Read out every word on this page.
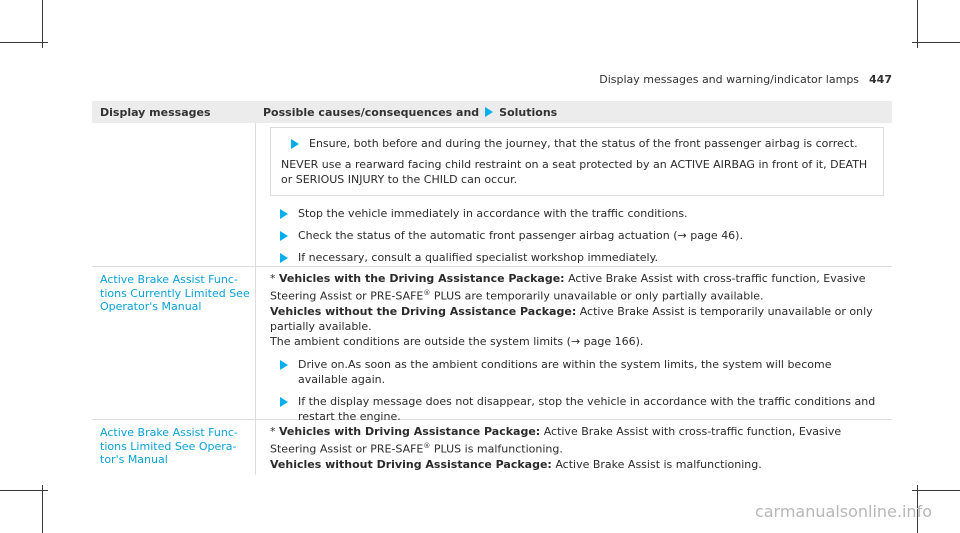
Display messages and warning/indicator lamps 447
Display messages	Possible causes/consequences and Solutions
Ensure, both before and during the journey, that the status of the front passenger airbag is correct.

NEVER use a rearward facing child restraint on a seat protected by an ACTIVE AIRBAG in front of it, DEATH or SERIOUS INJURY to the CHILD can occur.

Stop the vehicle immediately in accordance with the traffic conditions.
Check the status of the automatic front passenger airbag actuation (→ page 46).
If necessary, consult a qualified specialist workshop immediately.
Active Brake Assist Func-
tions Currently Limited See
Operator's Manual

* Vehicles with the Driving Assistance Package: Active Brake Assist with cross-traffic function, Evasive Steering Assist or PRE-SAFE® PLUS are temporarily unavailable or only partially available.

Vehicles without the Driving Assistance Package: Active Brake Assist is temporarily unavailable or only partially available.

The ambient conditions are outside the system limits (→ page 166).

Drive on.As soon as the ambient conditions are within the system limits, the system will become available again.
If the display message does not disappear, stop the vehicle in accordance with the traffic conditions and restart the engine.
Active Brake Assist Func-
tions Limited See Opera-
tor's Manual

* Vehicles with Driving Assistance Package: Active Brake Assist with cross-traffic function, Evasive Steering Assist or PRE-SAFE® PLUS is malfunctioning.

Vehicles without Driving Assistance Package: Active Brake Assist is malfunctioning.

carmanualsonline.info
